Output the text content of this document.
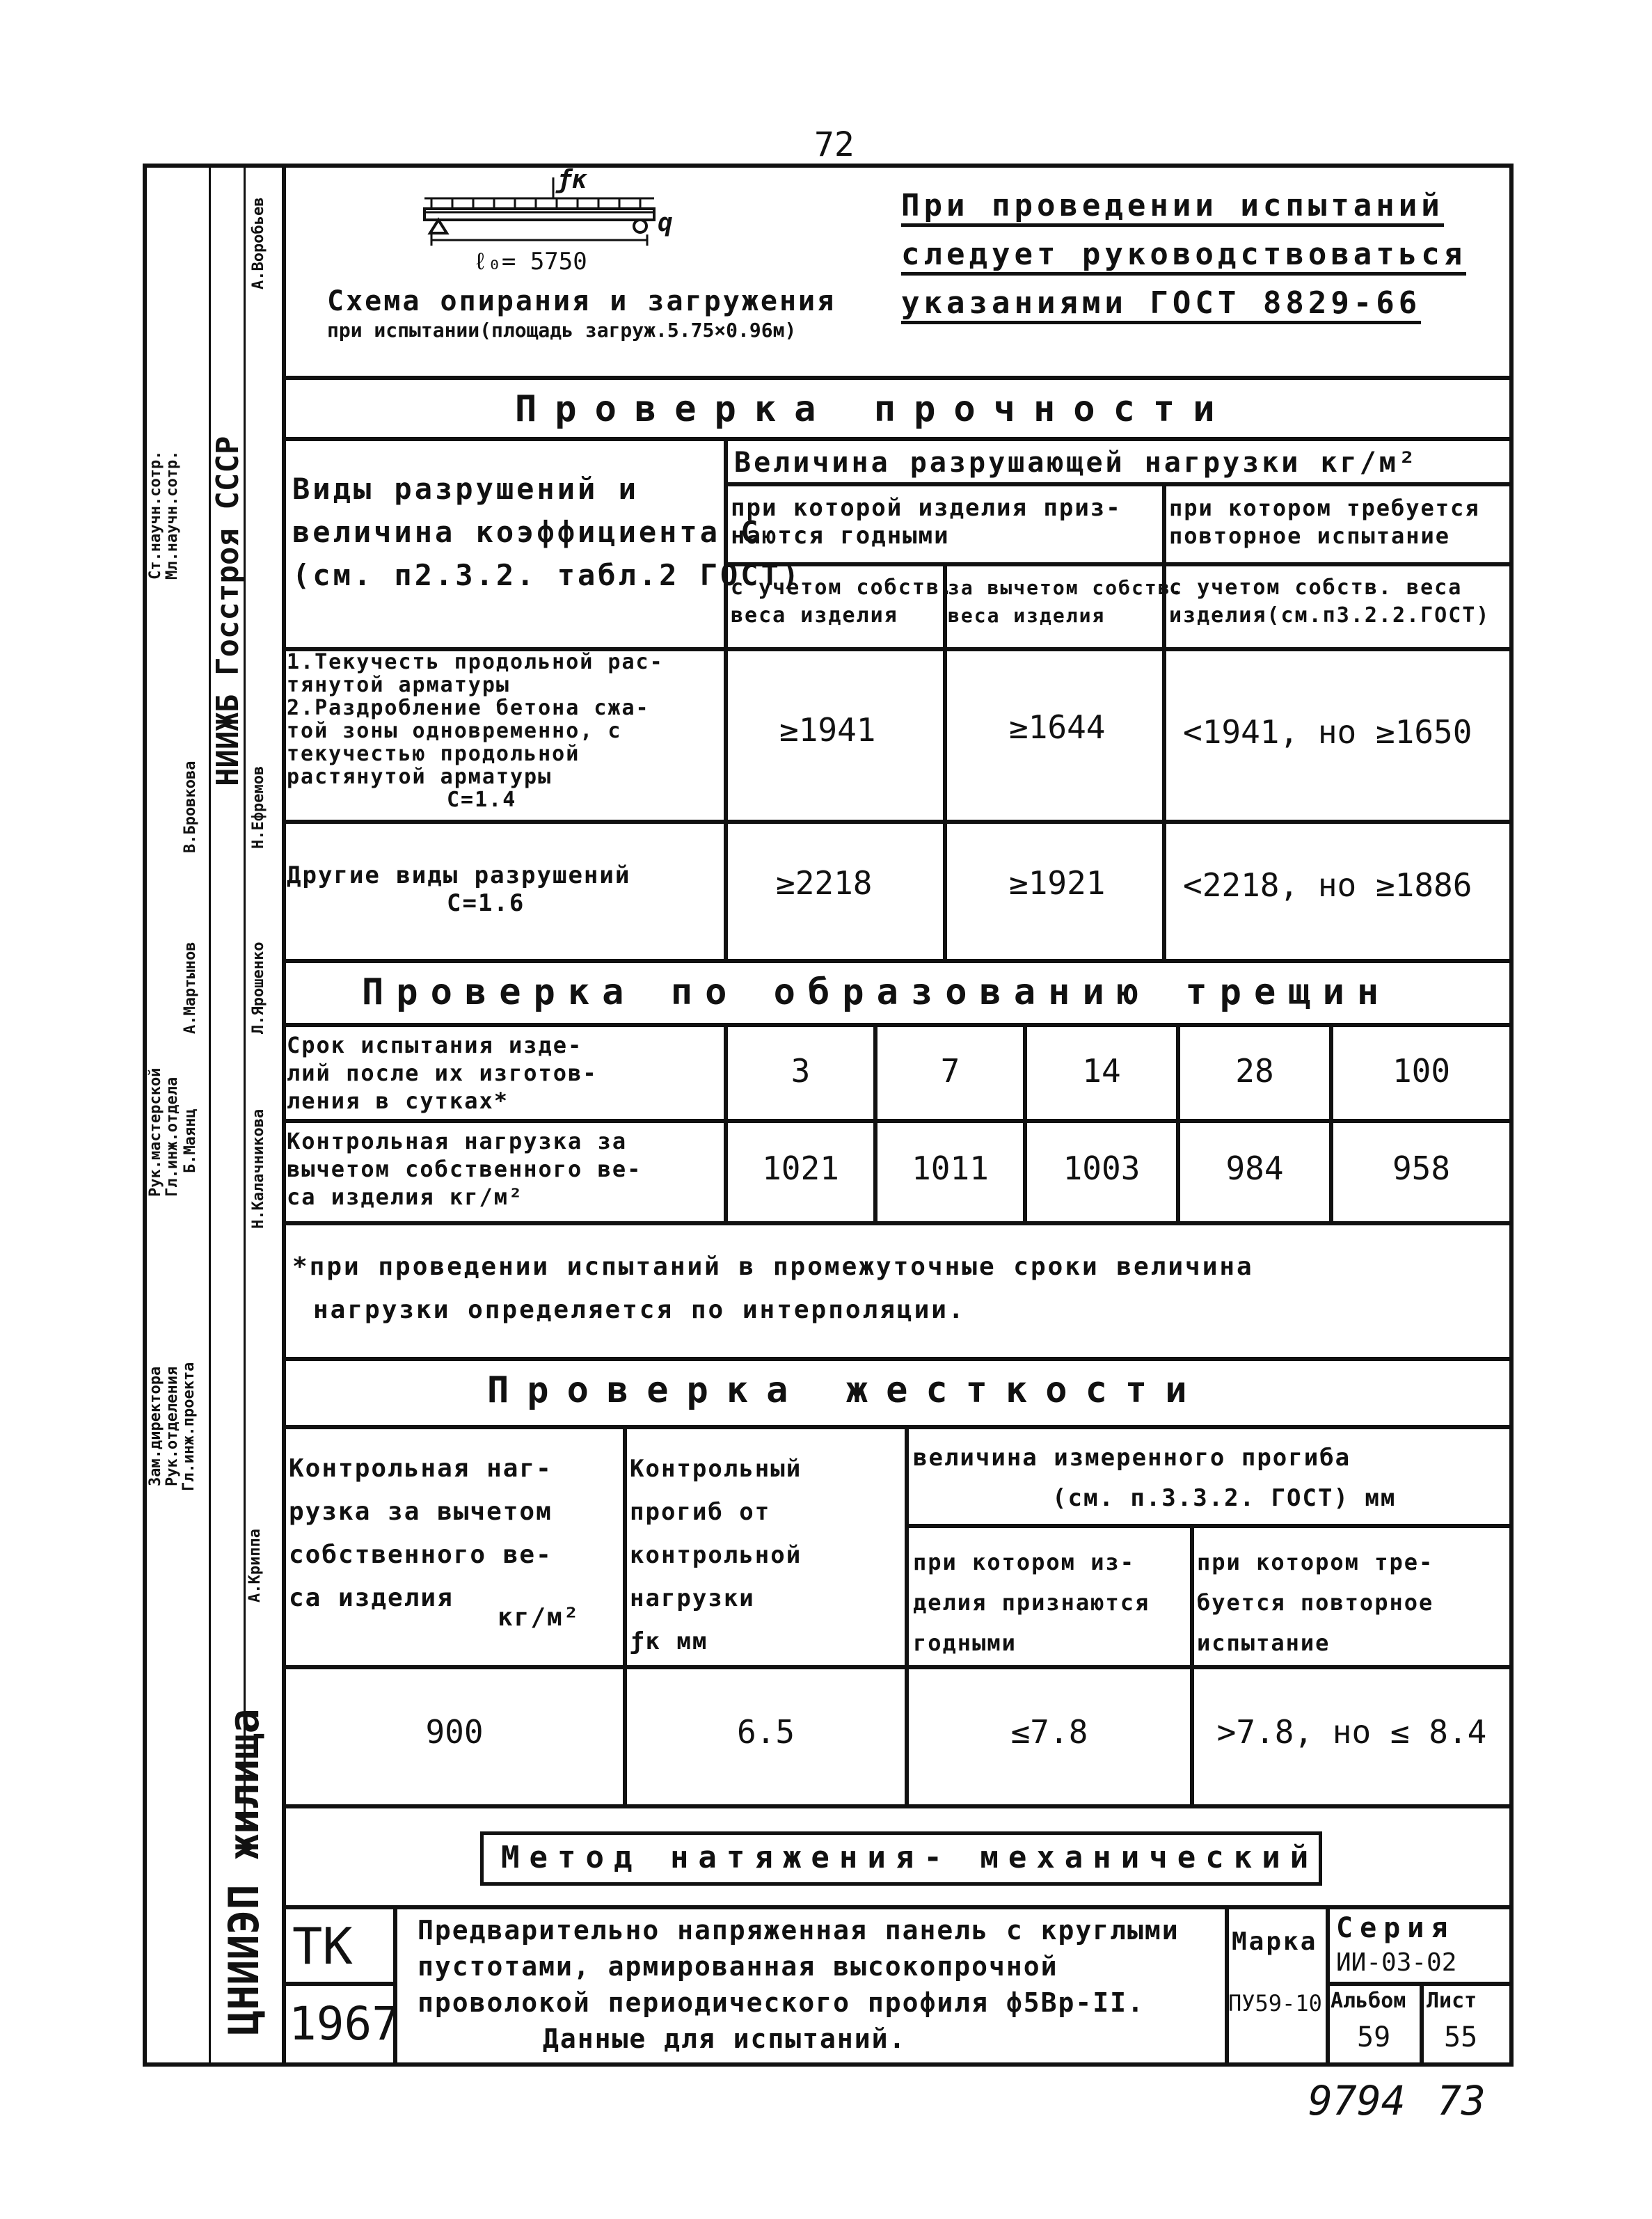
72
НИИЖБ Госстроя СССР
Зам.директора Рук.отделения Гл.инж.проекта
Рук.мастерской Гл.инж.отдела
Ст.научн.сотр. Мл.научн.сотр.
А.Криппа
Б.Маянц
А.Мартынов
Н.Калачникова
Л.Ярошенко
В.Бровкова	Н.Ефремов
А.Воробьев
ЦНИИЭП жилища
ƒк
q
ℓ₀= 5750
Схема опирания и загружения
при испытании(площадь загруж.5.75×0.96м)
При проведении испытаний
следует руководствоваться
указаниями ГОСТ 8829-66
Проверка прочности
Виды разрушений и
величина коэффициента C
(см. п2.3.2. табл.2 ГОСТ)
Величина разрушающей нагрузки кг/м²
при которой изделия приз-
наются годными
при котором требуется
повторное испытание
с учетом собств.
веса изделия
за вычетом собств.
веса изделия
с учетом собств. веса
изделия(см.п3.2.2.ГОСТ)
1.Текучесть продольной рас-
тянутой арматуры
2.Раздробление бетона сжа-
той зоны одновременно, с
текучестью продольной
растянутой арматуры
C=1.4
≥1941	≥1644 <1941, но ≥1650
Другие виды разрушений
C=1.6
≥2218	≥1921 <2218, но ≥1886
Проверка по образованию трещин
Срок испытания изде-
лий после их изготов-
ления в сутках*
3	7	14	28	100
Контрольная нагрузка за
вычетом собственного ве-
са изделия кг/м²
1021	1011	1003	984	958
*при проведении испытаний в промежуточные сроки величина
нагрузки определяется по интерполяции.
Проверка жесткости
Контрольная наг-
рузка за вычетом
собственного ве-
са изделия
кг/м²
Контрольный
прогиб от
контрольной
нагрузки
ƒк мм
величина измеренного прогиба
(см. п.3.3.2. ГОСТ) мм
при котором из-
делия признаются
годными
при котором тре-
буется повторное
испытание
900	6.5	≤7.8	>7.8, но ≤ 8.4
Метод натяжения- механический
ТК
1967
Предварительно напряженная панель с круглыми
пустотами, армированная высокопрочной
проволокой периодического профиля ф5Вр-II.
Данные для испытаний.
Марка
ПУ59-10
Серия
ИИ-03-02
Альбом
59
Лист
55
9794 73
